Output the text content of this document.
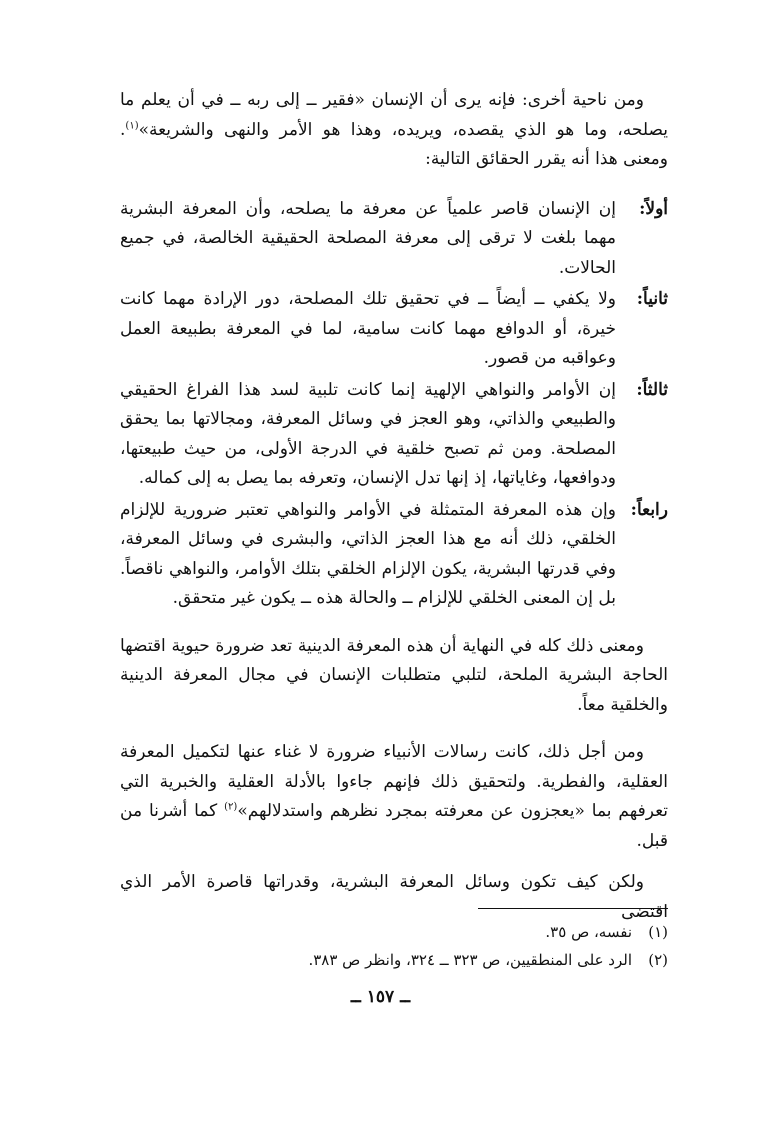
ومن ناحية أخرى: فإنه يرى أن الإنسان «فقير ــ إلى ربه ــ في أن يعلم ما يصلحه، وما هو الذي يقصده، ويريده، وهذا هو الأمر والنهى والشريعة»$^{(١)}$. ومعنى هذا أنه يقرر الحقائق التالية:

أولاً:
إن الإنسان قاصر علمياً عن معرفة ما يصلحه، وأن المعرفة البشرية مهما بلغت لا ترقى إلى معرفة المصلحة الحقيقية الخالصة، في جميع الحالات.
ثانياً:
ولا يكفي ــ أيضاً ــ في تحقيق تلك المصلحة، دور الإرادة مهما كانت خيرة، أو الدوافع مهما كانت سامية، لما في المعرفة بطبيعة العمل وعواقبه من قصور.
ثالثاً:
إن الأوامر والنواهي الإلهية إنما كانت تلبية لسد هذا الفراغ الحقيقي والطبيعي والذاتي، وهو العجز في وسائل المعرفة، ومجالاتها بما يحقق المصلحة. ومن ثم تصبح خلقية في الدرجة الأولى، من حيث طبيعتها، ودوافعها، وغاياتها، إذ إنها تدل الإنسان، وتعرفه بما يصل به إلى كماله.
رابعاً:
وإن هذه المعرفة المتمثلة في الأوامر والنواهي تعتبر ضرورية للإلزام الخلقي، ذلك أنه مع هذا العجز الذاتي، والبشرى في وسائل المعرفة، وفي قدرتها البشرية، يكون الإلزام الخلقي بتلك الأوامر، والنواهي ناقصاً. بل إن المعنى الخلقي للإلزام ــ والحالة هذه ــ يكون غير متحقق.

ومعنى ذلك كله في النهاية أن هذه المعرفة الدينية تعد ضرورة حيوية اقتضها الحاجة البشرية الملحة، لتلبي متطلبات الإنسان في مجال المعرفة الدينية والخلقية معاً.

ومن أجل ذلك، كانت رسالات الأنبياء ضرورة لا غناء عنها لتكميل المعرفة العقلية، والفطرية. ولتحقيق ذلك فإنهم جاءوا بالأدلة العقلية والخبرية التي تعرفهم بما «يعجزون عن معرفته بمجرد نظرهم واستدلالهم»$^{(٢)}$ كما أشرنا من قبل.

ولكن كيف تكون وسائل المعرفة البشرية، وقدراتها قاصرة الأمر الذي اقتضى

(١)
نفسه، ص ٣٥.
(٢)
الرد على المنطقيين، ص ٣٢٣ ــ ٣٢٤، وانظر ص ٣٨٣.
ــ ١٥٧ ــ
